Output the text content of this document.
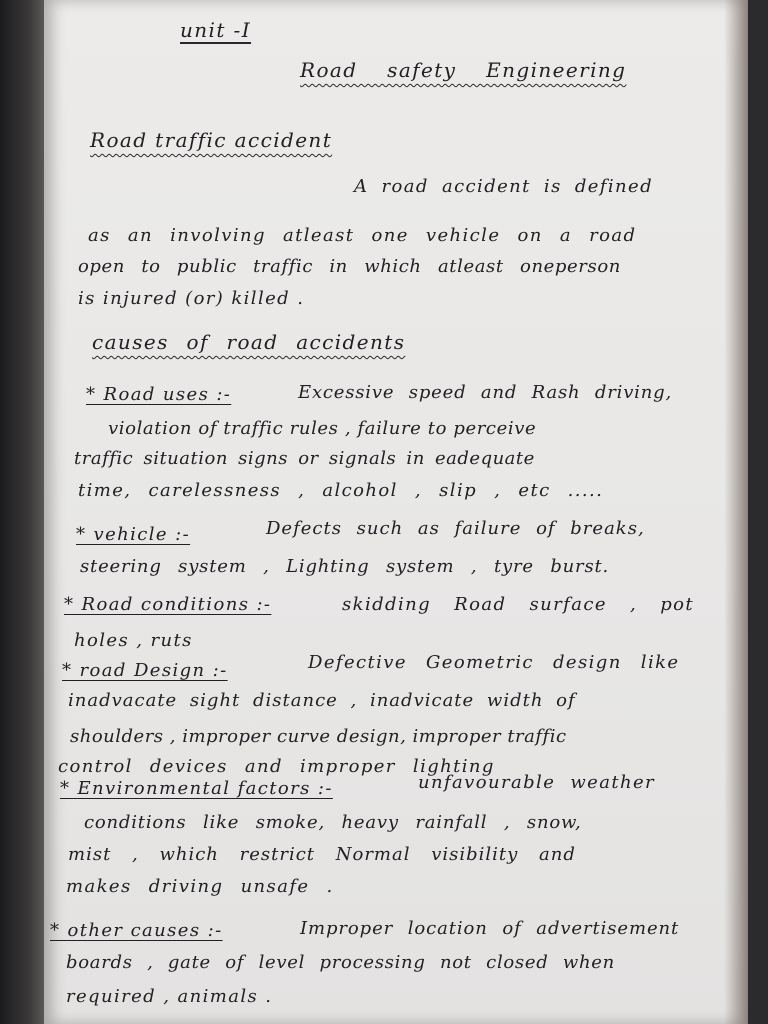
unit -I
Road safety Engineering
Road traffic accident
A road accident is defined
as an involving atleast one vehicle on a road
open to public traffic in which atleast oneperson
is injured (or) killed .
causes of road accidents
* Road uses :-	Excessive speed and Rash driving,
violation of traffic rules , failure to perceive
traffic situation signs or signals in eadequate
time, carelessness , alcohol , slip , etc .....
* vehicle :-	Defects such as failure of breaks,
steering system , Lighting system , tyre burst.
* Road conditions :-	skidding Road surface , pot
holes , ruts
* road Design :-	Defective Geometric design like
inadvacate sight distance , inadvicate width of
shoulders , improper curve design, improper traffic
control devices and improper lighting
* Environmental factors :-	unfavourable weather
conditions like smoke, heavy rainfall , snow,
mist , which restrict Normal visibility and
makes driving unsafe .
* other causes :-	Improper location of advertisement
boards , gate of level processing not closed when
required , animals .
